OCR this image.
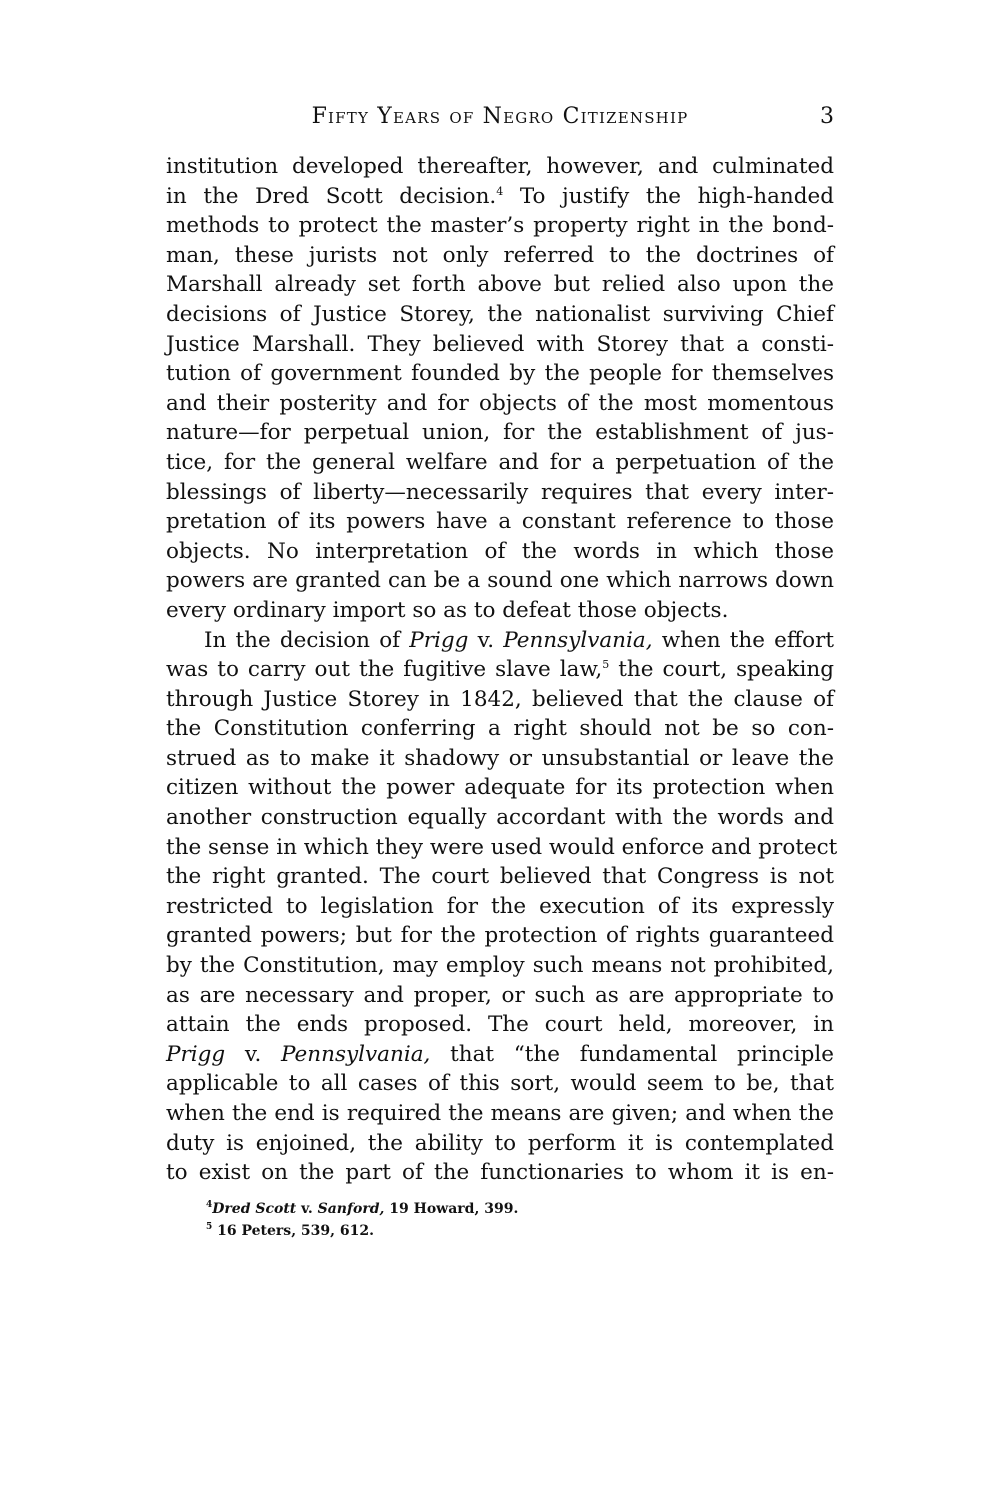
Fifty Years of Negro Citizenship	3
institution developed thereafter, however, and culminated
in the Dred Scott decision.$^4$ To justify the high-handed
methods to protect the master’s property right in the bond-
man, these jurists not only referred to the doctrines of
Marshall already set forth above but relied also upon the
decisions of Justice Storey, the nationalist surviving Chief
Justice Marshall. They believed with Storey that a consti-
tution of government founded by the people for themselves
and their posterity and for objects of the most momentous
nature—for perpetual union, for the establishment of jus-
tice, for the general welfare and for a perpetuation of the
blessings of liberty—necessarily requires that every inter-
pretation of its powers have a constant reference to those
objects. No interpretation of the words in which those
powers are granted can be a sound one which narrows down
every ordinary import so as to defeat those objects.
In the decision of Prigg v. Pennsylvania, when the effort
was to carry out the fugitive slave law,$^5$ the court, speaking
through Justice Storey in 1842, believed that the clause of
the Constitution conferring a right should not be so con-
strued as to make it shadowy or unsubstantial or leave the
citizen without the power adequate for its protection when
another construction equally accordant with the words and
the sense in which they were used would enforce and protect
the right granted. The court believed that Congress is not
restricted to legislation for the execution of its expressly
granted powers; but for the protection of rights guaranteed
by the Constitution, may employ such means not prohibited,
as are necessary and proper, or such as are appropriate to
attain the ends proposed. The court held, moreover, in
Prigg v. Pennsylvania, that “the fundamental principle
applicable to all cases of this sort, would seem to be, that
when the end is required the means are given; and when the
duty is enjoined, the ability to perform it is contemplated
to exist on the part of the functionaries to whom it is en-
$^4$Dred Scott v. Sanford, 19 Howard, 399.
$^5$ 16 Peters, 539, 612.
